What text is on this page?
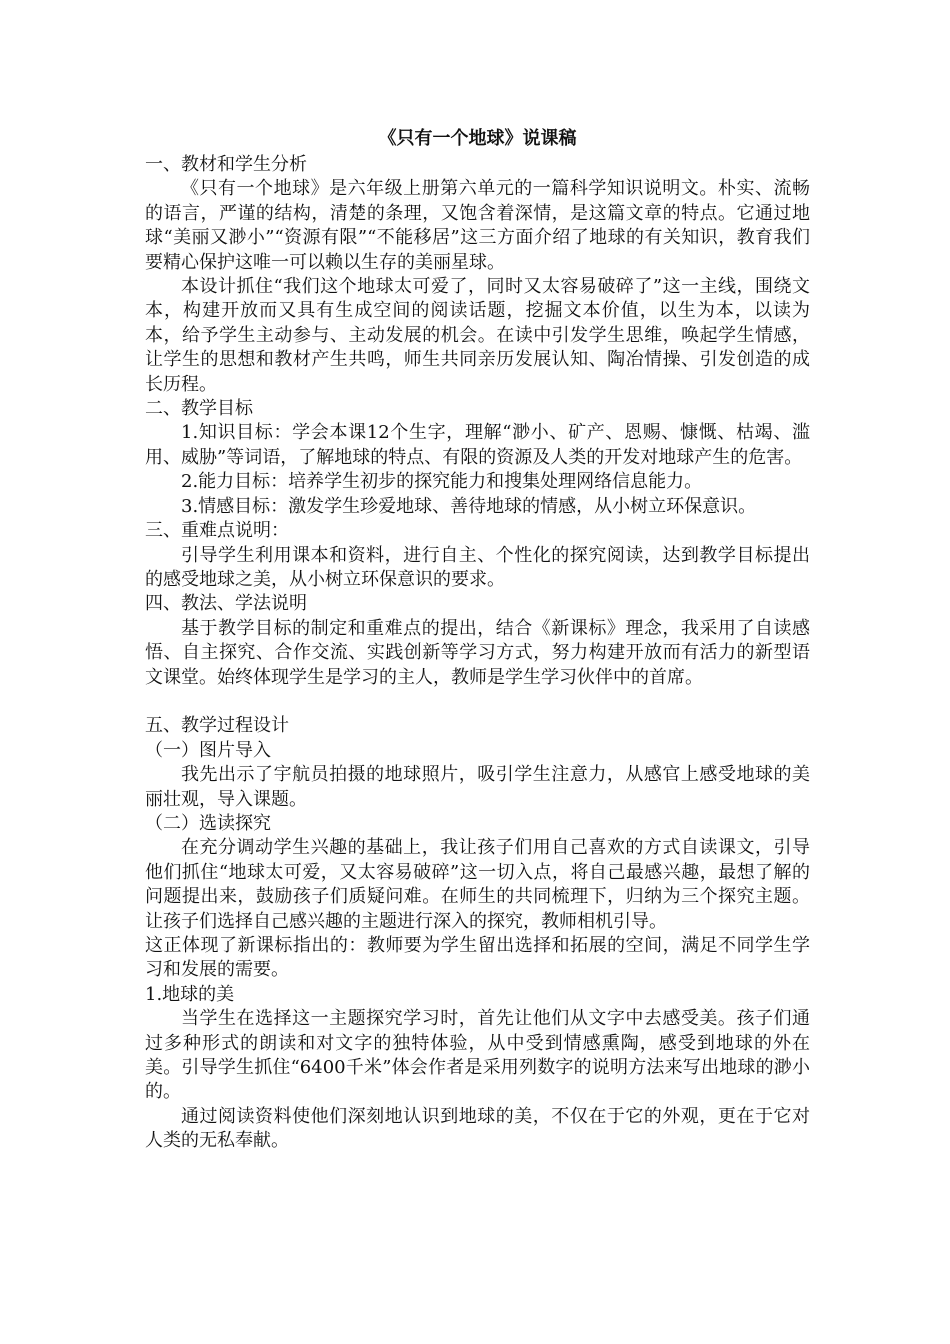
《只有一个地球》说课稿
一、教材和学生分析

《只有一个地球》是六年级上册第六单元的一篇科学知识说明文。朴实、流畅的语言，严谨的结构，清楚的条理，又饱含着深情，是这篇文章的特点。它通过地球“美丽又渺小”“资源有限”“不能移居”这三方面介绍了地球的有关知识，教育我们要精心保护这唯一可以赖以生存的美丽星球。

本设计抓住“我们这个地球太可爱了，同时又太容易破碎了”这一主线，围绕文本，构建开放而又具有生成空间的阅读话题，挖掘文本价值，以生为本，以读为本，给予学生主动参与、主动发展的机会。在读中引发学生思维，唤起学生情感，让学生的思想和教材产生共鸣，师生共同亲历发展认知、陶冶情操、引发创造的成长历程。

二、教学目标

1.知识目标：学会本课12个生字，理解“渺小、矿产、恩赐、慷慨、枯竭、滥用、威胁”等词语，了解地球的特点、有限的资源及人类的开发对地球产生的危害。

2.能力目标：培养学生初步的探究能力和搜集处理网络信息能力。

3.情感目标：激发学生珍爱地球、善待地球的情感，从小树立环保意识。

三、重难点说明：

引导学生利用课本和资料，进行自主、个性化的探究阅读，达到教学目标提出的感受地球之美，从小树立环保意识的要求。

四、教法、学法说明

基于教学目标的制定和重难点的提出，结合《新课标》理念，我采用了自读感悟、自主探究、合作交流、实践创新等学习方式，努力构建开放而有活力的新型语文课堂。始终体现学生是学习的主人，教师是学生学习伙伴中的首席。

五、教学过程设计
（一）图片导入

我先出示了宇航员拍摄的地球照片，吸引学生注意力，从感官上感受地球的美丽壮观，导入课题。

（二）选读探究

在充分调动学生兴趣的基础上，我让孩子们用自己喜欢的方式自读课文，引导他们抓住“地球太可爱，又太容易破碎”这一切入点，将自己最感兴趣，最想了解的问题提出来，鼓励孩子们质疑问难。在师生的共同梳理下，归纳为三个探究主题。让孩子们选择自己感兴趣的主题进行深入的探究，教师相机引导。

这正体现了新课标指出的：教师要为学生留出选择和拓展的空间，满足不同学生学习和发展的需要。

1.地球的美

当学生在选择这一主题探究学习时，首先让他们从文字中去感受美。孩子们通过多种形式的朗读和对文字的独特体验，从中受到情感熏陶，感受到地球的外在美。引导学生抓住“6400千米”体会作者是采用列数字的说明方法来写出地球的渺小的。

通过阅读资料使他们深刻地认识到地球的美，不仅在于它的外观，更在于它对人类的无私奉献。
